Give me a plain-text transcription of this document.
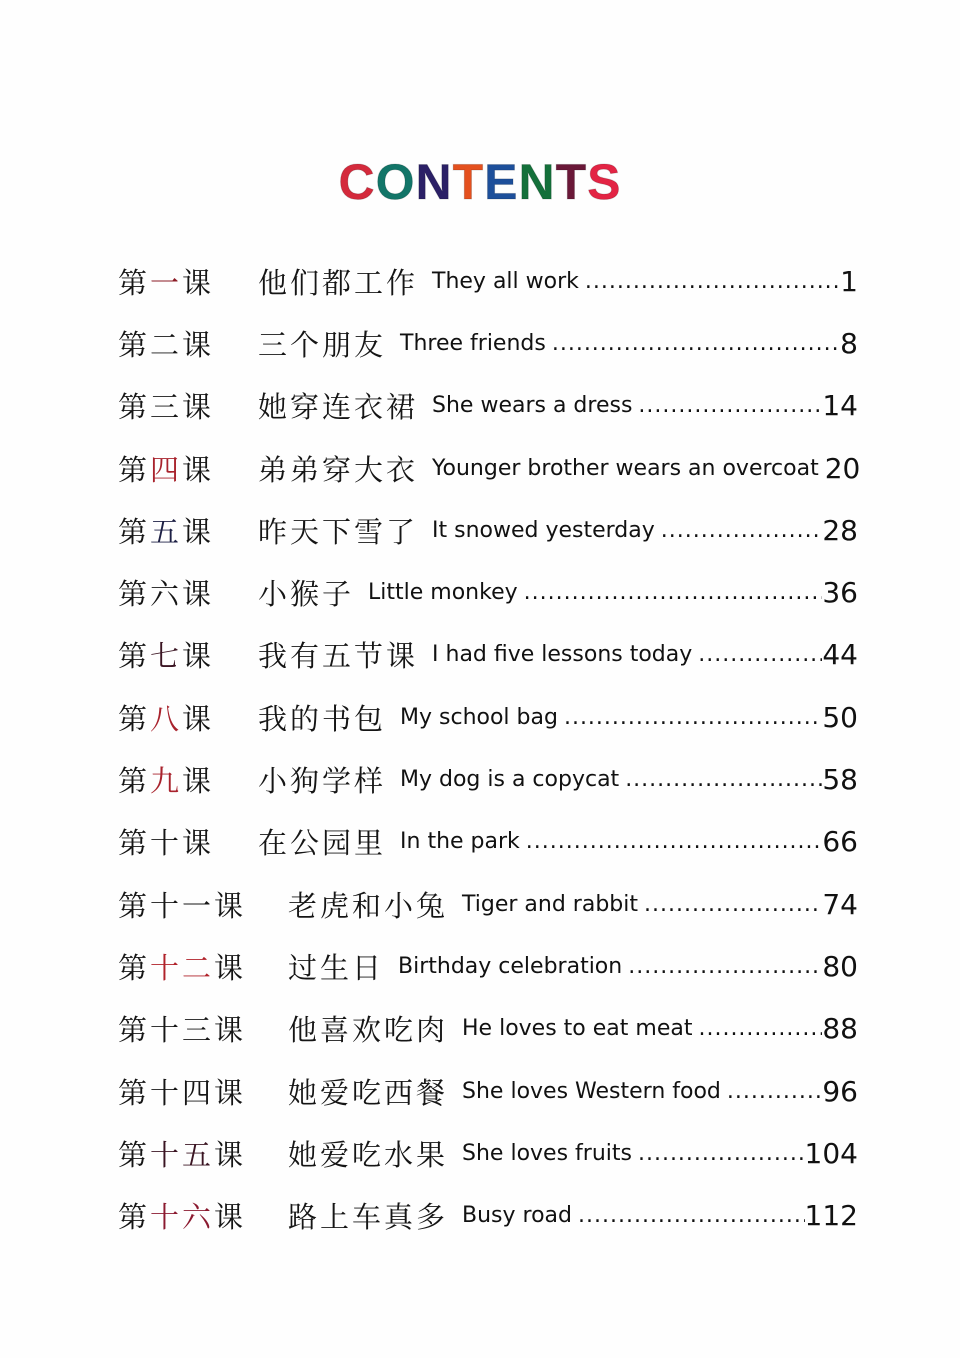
CONTENTS
第一课	他们都工作 They all work .....	1
第二课	三个朋友 Three friends .....	8
第三课	她穿连衣裙 She wears a dress .....	14
第四课	弟弟穿大衣 Younger brother wears an overcoat 20
第五课	昨天下雪了 It snowed yesterday .....	28
第六课	小猴子 Little monkey .....	36
第七课	我有五节课 I had five lessons today .....	44
第八课	我的书包 My school bag .....	50
第九课	小狗学样 My dog is a copycat .....	58
第十课	在公园里 In the park .....	66
第十一课	老虎和小兔 Tiger and rabbit .....	74
第十二课	过生日 Birthday celebration .....	80
第十三课	他喜欢吃肉 He loves to eat meat .....	88
第十四课	她爱吃西餐 She loves Western food .....	96
第十五课	她爱吃水果 She loves fruits .....	104
第十六课	路上车真多 Busy road .....	112
